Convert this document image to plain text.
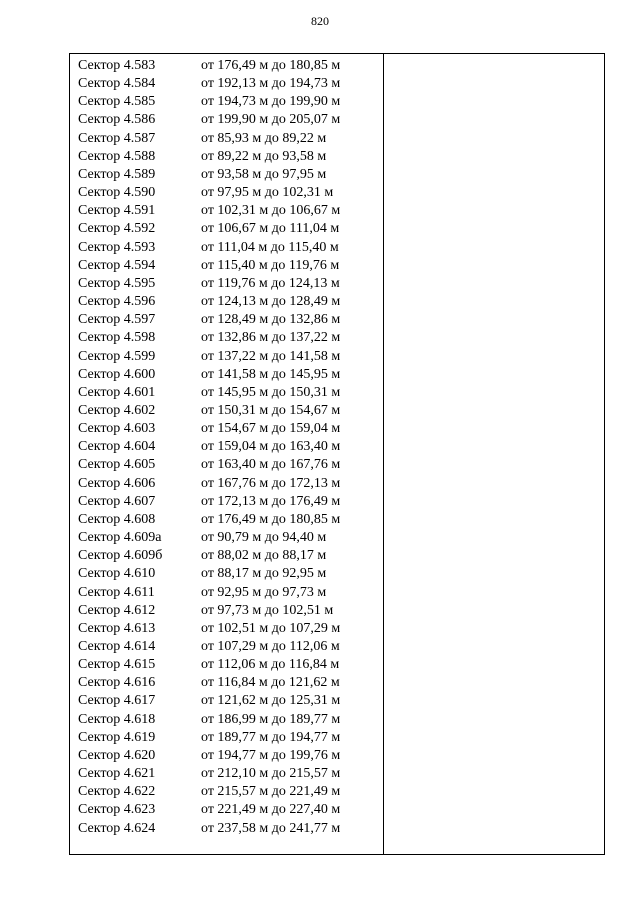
820
Сектор 4.583	от 176,49 м до 180,85 м
Сектор 4.584	от 192,13 м до 194,73 м
Сектор 4.585	от 194,73 м до 199,90 м
Сектор 4.586	от 199,90 м до 205,07 м
Сектор 4.587	от 85,93 м до 89,22 м
Сектор 4.588	от 89,22 м до 93,58 м
Сектор 4.589	от 93,58 м до 97,95 м
Сектор 4.590	от 97,95 м до 102,31 м
Сектор 4.591	от 102,31 м до 106,67 м
Сектор 4.592	от 106,67 м до 111,04 м
Сектор 4.593	от 111,04 м до 115,40 м
Сектор 4.594	от 115,40 м до 119,76 м
Сектор 4.595	от 119,76 м до 124,13 м
Сектор 4.596	от 124,13 м до 128,49 м
Сектор 4.597	от 128,49 м до 132,86 м
Сектор 4.598	от 132,86 м до 137,22 м
Сектор 4.599	от 137,22 м до 141,58 м
Сектор 4.600	от 141,58 м до 145,95 м
Сектор 4.601	от 145,95 м до 150,31 м
Сектор 4.602	от 150,31 м до 154,67 м
Сектор 4.603	от 154,67 м до 159,04 м
Сектор 4.604	от 159,04 м до 163,40 м
Сектор 4.605	от 163,40 м до 167,76 м
Сектор 4.606	от 167,76 м до 172,13 м
Сектор 4.607	от 172,13 м до 176,49 м
Сектор 4.608	от 176,49 м до 180,85 м
Сектор 4.609а	от 90,79 м до 94,40 м
Сектор 4.609б	от 88,02 м до 88,17 м
Сектор 4.610	от 88,17 м до 92,95 м
Сектор 4.611	от 92,95 м до 97,73 м
Сектор 4.612	от 97,73 м до 102,51 м
Сектор 4.613	от 102,51 м до 107,29 м
Сектор 4.614	от 107,29 м до 112,06 м
Сектор 4.615	от 112,06 м до 116,84 м
Сектор 4.616	от 116,84 м до 121,62 м
Сектор 4.617	от 121,62 м до 125,31 м
Сектор 4.618	от 186,99 м до 189,77 м
Сектор 4.619	от 189,77 м до 194,77 м
Сектор 4.620	от 194,77 м до 199,76 м
Сектор 4.621	от 212,10 м до 215,57 м
Сектор 4.622	от 215,57 м до 221,49 м
Сектор 4.623	от 221,49 м до 227,40 м
Сектор 4.624	от 237,58 м до 241,77 м
